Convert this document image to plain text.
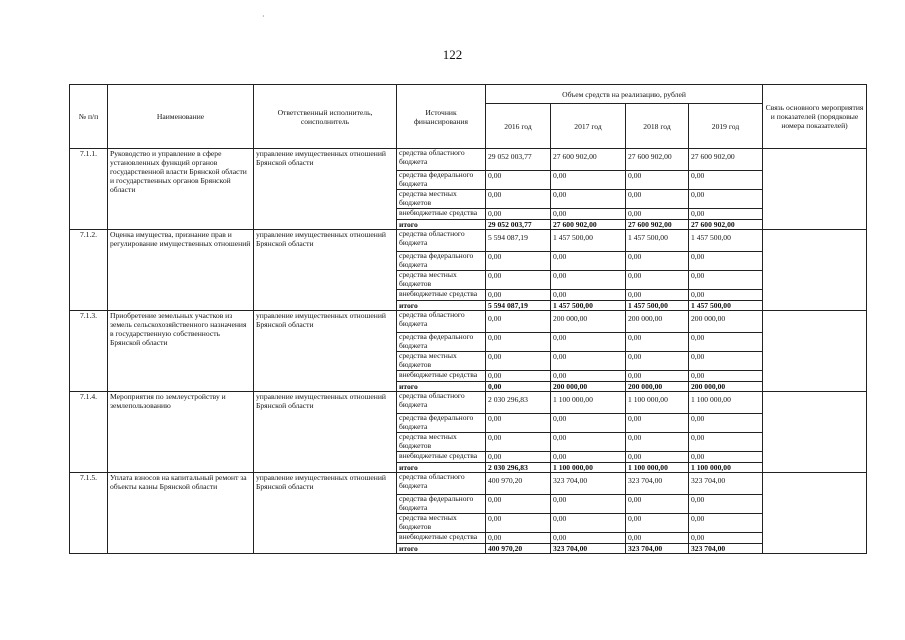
·
122
№ п/п	Наименование	Ответственный исполнитель, соисполнитель	Источник финансирования	Объем средств на реализацию, рублей				Связь основного мероприятия и показателей (порядковые номера показателей)
				2016 год	2017 год	2018 год	2019 год	
7.1.1.	Руководство и управление в сфере установленных функций органов государственной власти Брянской области и государственных органов Брянской области	управление имущественных отношений Брянской области	средства областного бюджета	29 052 003,77	27 600 902,00	27 600 902,00	27 600 902,00	
			средства федерального бюджета	0,00	0,00	0,00	0,00	
			средства местных бюджетов	0,00	0,00	0,00	0,00	
			внебюджетные средства	0,00	0,00	0,00	0,00	
			итого	29 052 003,77	27 600 902,00	27 600 902,00	27 600 902,00	
7.1.2.	Оценка имущества, признание прав и регулирование имущественных отношений	управление имущественных отношений Брянской области	средства областного бюджета	5 594 087,19	1 457 500,00	1 457 500,00	1 457 500,00	
			средства федерального бюджета	0,00	0,00	0,00	0,00	
			средства местных бюджетов	0,00	0,00	0,00	0,00	
			внебюджетные средства	0,00	0,00	0,00	0,00	
			итого	5 594 087,19	1 457 500,00	1 457 500,00	1 457 500,00	
7.1.3.	Приобретение земельных участков из земель сельскохозяйственного назначения в государственную собственность Брянской области	управление имущественных отношений Брянской области	средства областного бюджета	0,00	200 000,00	200 000,00	200 000,00	
			средства федерального бюджета	0,00	0,00	0,00	0,00	
			средства местных бюджетов	0,00	0,00	0,00	0,00	
			внебюджетные средства	0,00	0,00	0,00	0,00	
			итого	0,00	200 000,00	200 000,00	200 000,00	
7.1.4.	Мероприятия по землеустройству и землепользованию	управление имущественных отношений Брянской области	средства областного бюджета	2 030 296,83	1 100 000,00	1 100 000,00	1 100 000,00	
			средства федерального бюджета	0,00	0,00	0,00	0,00	
			средства местных бюджетов	0,00	0,00	0,00	0,00	
			внебюджетные средства	0,00	0,00	0,00	0,00	
			итого	2 030 296,83	1 100 000,00	1 100 000,00	1 100 000,00	
7.1.5.	Уплата взносов на капитальный ремонт за объекты казны Брянской области	управление имущественных отношений Брянской области	средства областного бюджета	400 970,20	323 704,00	323 704,00	323 704,00	
			средства федерального бюджета	0,00	0,00	0,00	0,00	
			средства местных бюджетов	0,00	0,00	0,00	0,00	
			внебюджетные средства	0,00	0,00	0,00	0,00	
			итого	400 970,20	323 704,00	323 704,00	323 704,00	
